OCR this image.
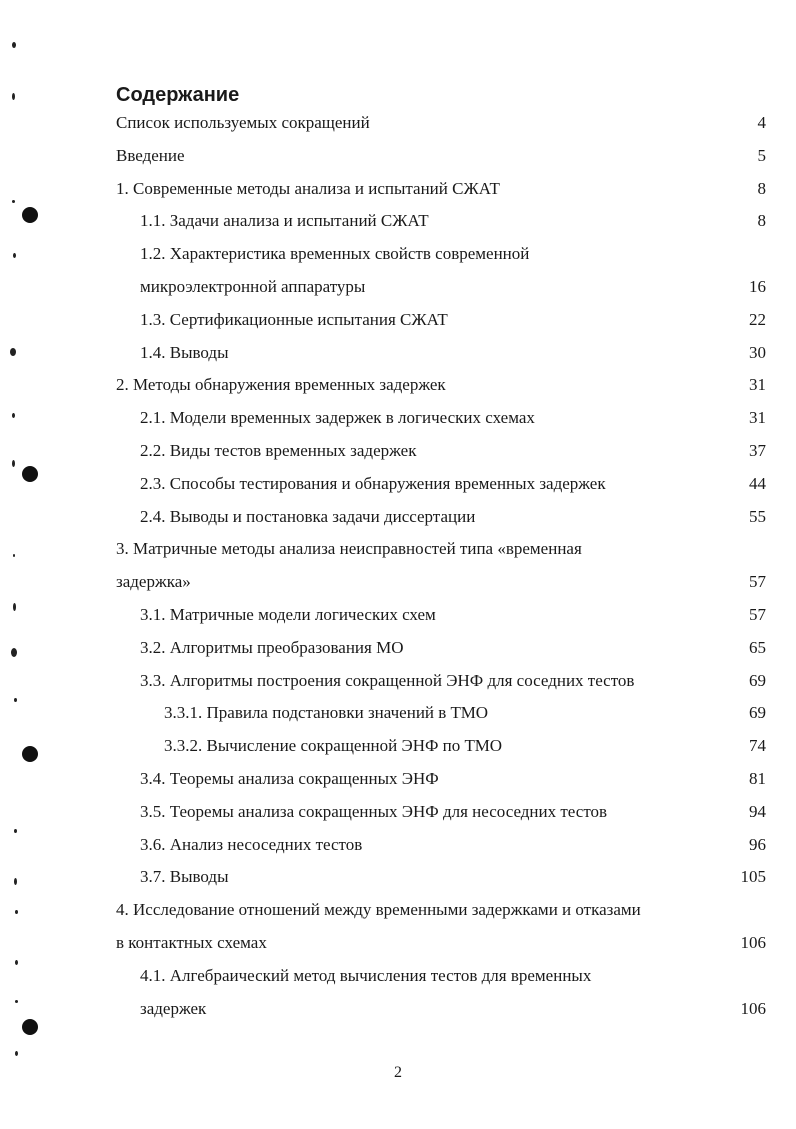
Содержание
Список используемых сокращений	4
Введение	5
1. Современные методы анализа и испытаний СЖАТ	8
1.1. Задачи анализа и испытаний СЖАТ	8
1.2. Характеристика временных свойств современной
микроэлектронной аппаратуры	16
1.3. Сертификационные испытания СЖАТ	22
1.4. Выводы	30
2. Методы обнаружения временных задержек	31
2.1. Модели временных задержек в логических схемах	31
2.2. Виды тестов временных задержек	37
2.3. Способы тестирования и обнаружения временных задержек	44
2.4. Выводы и постановка задачи диссертации	55
3. Матричные методы анализа неисправностей типа «временная
задержка»	57
3.1. Матричные модели логических схем	57
3.2. Алгоритмы преобразования МО	65
3.3. Алгоритмы построения сокращенной ЭНФ для соседних тестов	69
3.3.1. Правила подстановки значений в ТМО	69
3.3.2. Вычисление сокращенной ЭНФ по ТМО	74
3.4. Теоремы анализа сокращенных ЭНФ	81
3.5. Теоремы анализа сокращенных ЭНФ для несоседних тестов	94
3.6. Анализ несоседних тестов	96
3.7. Выводы	105
4. Исследование отношений между временными задержками и отказами
в контактных схемах	106
4.1. Алгебраический метод вычисления тестов для временных
задержек	106
2
